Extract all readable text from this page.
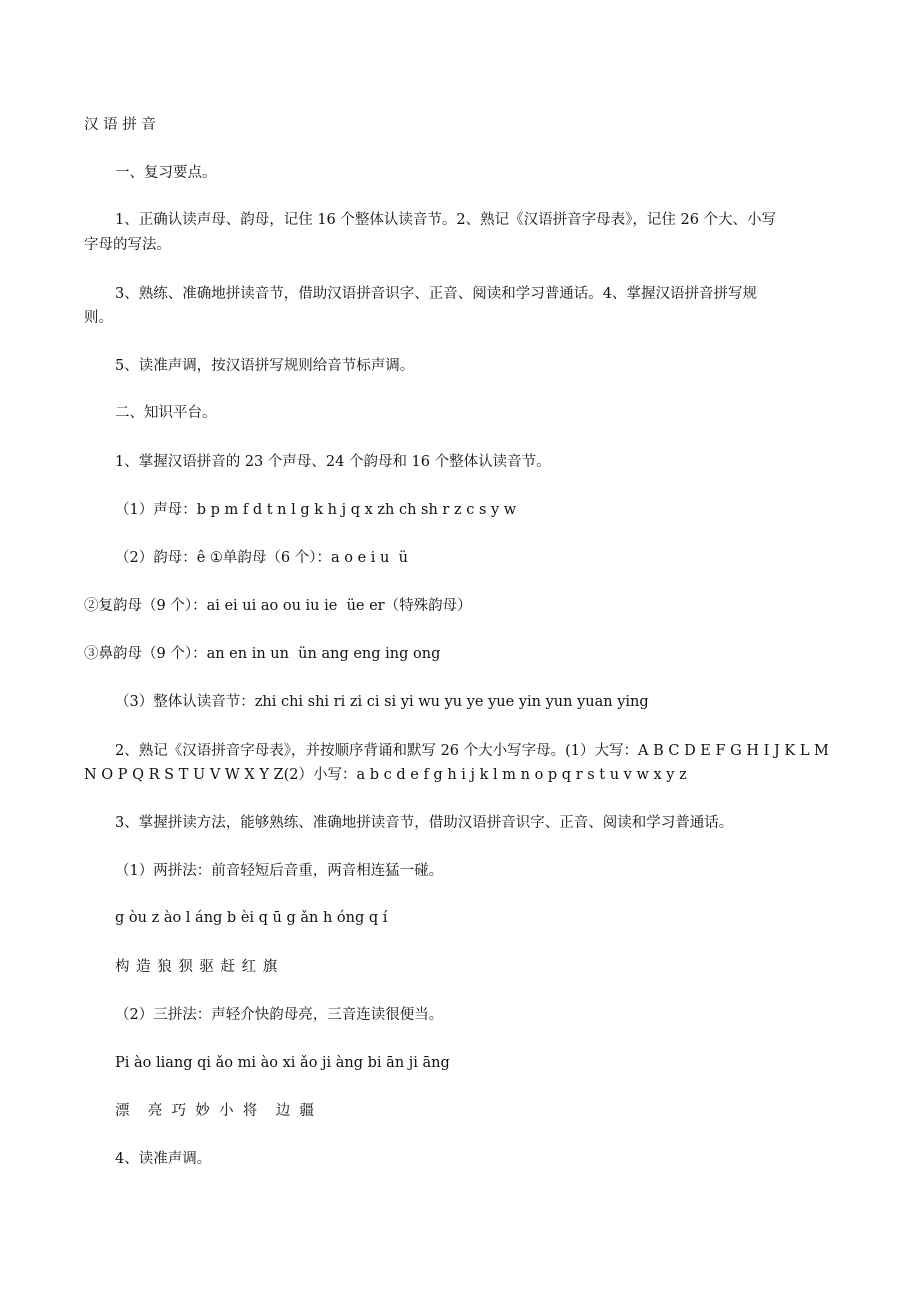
汉 语 拼 音
一、复习要点。
1、正确认读声母、韵母，记住 16 个整体认读音节。2、熟记《汉语拼音字母表》，记住 26 个大、小写
字母的写法。
3、熟练、准确地拼读音节，借助汉语拼音识字、正音、阅读和学习普通话。4、掌握汉语拼音拼写规
则。
5、读准声调，按汉语拼写规则给音节标声调。
二、知识平台。
1、掌握汉语拼音的 23 个声母、24 个韵母和 16 个整体认读音节。
（1）声母：b p m f d t n l g k h j q x zh ch sh r z c s y w
（2）韵母：ê ①单韵母（6 个）：a o e i u  ü
②复韵母（9 个）：ai ei ui ao ou iu ie  üe er（特殊韵母）
③鼻韵母（9 个）：an en in un  ün ang eng ing ong
（3）整体认读音节：zhi chi shi ri zi ci si yi wu yu ye yue yin yun yuan ying
2、熟记《汉语拼音字母表》，并按顺序背诵和默写 26 个大小写字母。(1）大写：A B C D E F G H I J K L M
N O P Q R S T U V W X Y Z(2）小写：a b c d e f g h i j k l m n o p q r s t u v w x y z
3、掌握拼读方法，能够熟练、准确地拼读音节，借助汉语拼音识字、正音、阅读和学习普通话。
（1）两拼法：前音轻短后音重，两音相连猛一碰。
g òu z ào l áng b èi q ū g ǎn h óng q í
构 造 狼 狈 驱 赶 红 旗
（2）三拼法：声轻介快韵母亮，三音连读很便当。
Pi ào liang qi ǎo mi ào xi ǎo ji àng bi ān ji āng
漂    亮  巧  妙  小  将    边  疆
4、读准声调。
